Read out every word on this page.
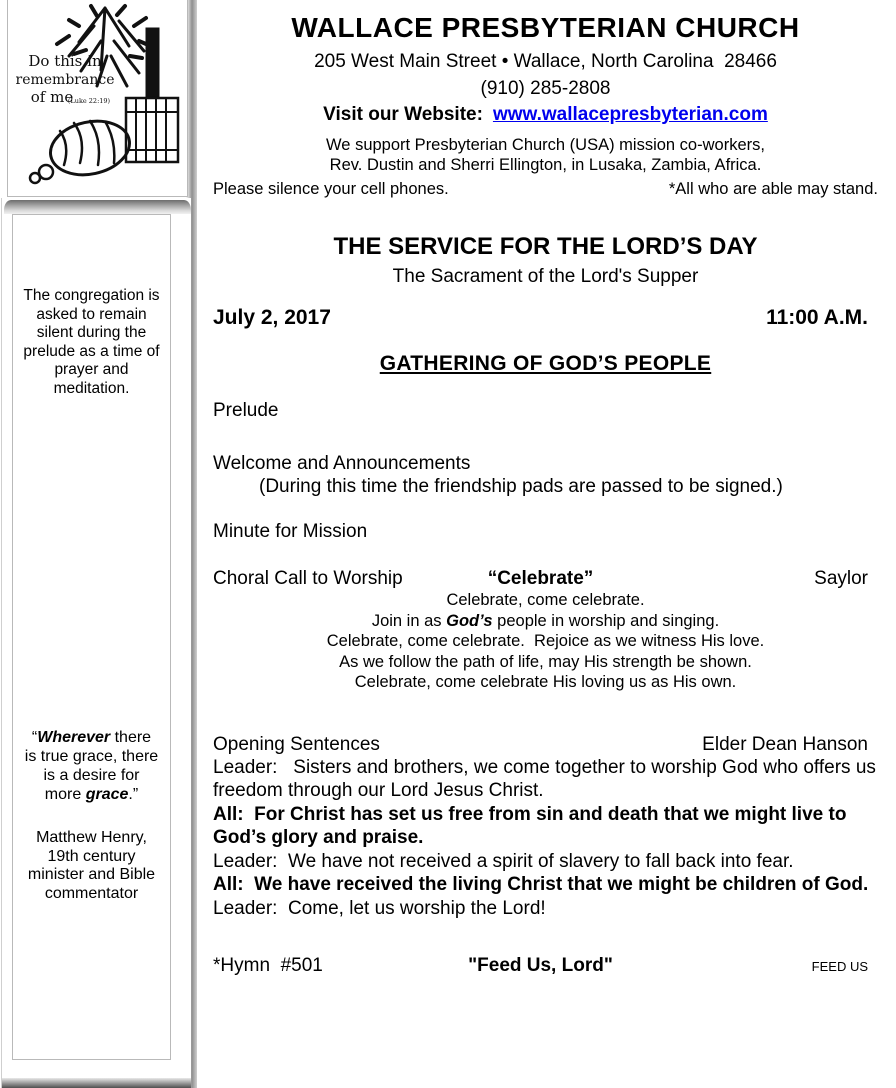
Do this in
remembrance
of me
(Luke 22:19)

The congregation is asked to remain silent during the prelude as a time of prayer and meditation.

“Wherever there is true grace, there is a desire for more grace.”

Matthew Henry, 19th century minister and Bible commentator

WALLACE PRESBYTERIAN CHURCH
205 West Main Street • Wallace, North Carolina  28466
(910) 285-2808
Visit our Website: www.wallacepresbyterian.com
We support Presbyterian Church (USA) mission co-workers,
Rev. Dustin and Sherri Ellington, in Lusaka, Zambia, Africa.
Please silence your cell phones.	*All who are able may stand.
THE SERVICE FOR THE LORD’S DAY
The Sacrament of the Lord's Supper
July 2, 2017	11:00 A.M.
GATHERING OF GOD’S PEOPLE
Prelude
Welcome and Announcements
(During this time the friendship pads are passed to be signed.)
Minute for Mission
Choral Call to Worship	“Celebrate”	Saylor
Celebrate, come celebrate.
Join in as God’s people in worship and singing.
Celebrate, come celebrate.  Rejoice as we witness His love.
As we follow the path of life, may His strength be shown.
Celebrate, come celebrate His loving us as His own.
Opening Sentences	Elder Dean Hanson

Leader:   Sisters and brothers, we come together to worship God who offers us freedom through our Lord Jesus Christ.

All:  For Christ has set us free from sin and death that we might live to God’s glory and praise.

Leader:  We have not received a spirit of slavery to fall back into fear.

All:  We have received the living Christ that we might be children of God.

Leader:  Come, let us worship the Lord!

*Hymn  #501	"Feed Us, Lord"	FEED US
